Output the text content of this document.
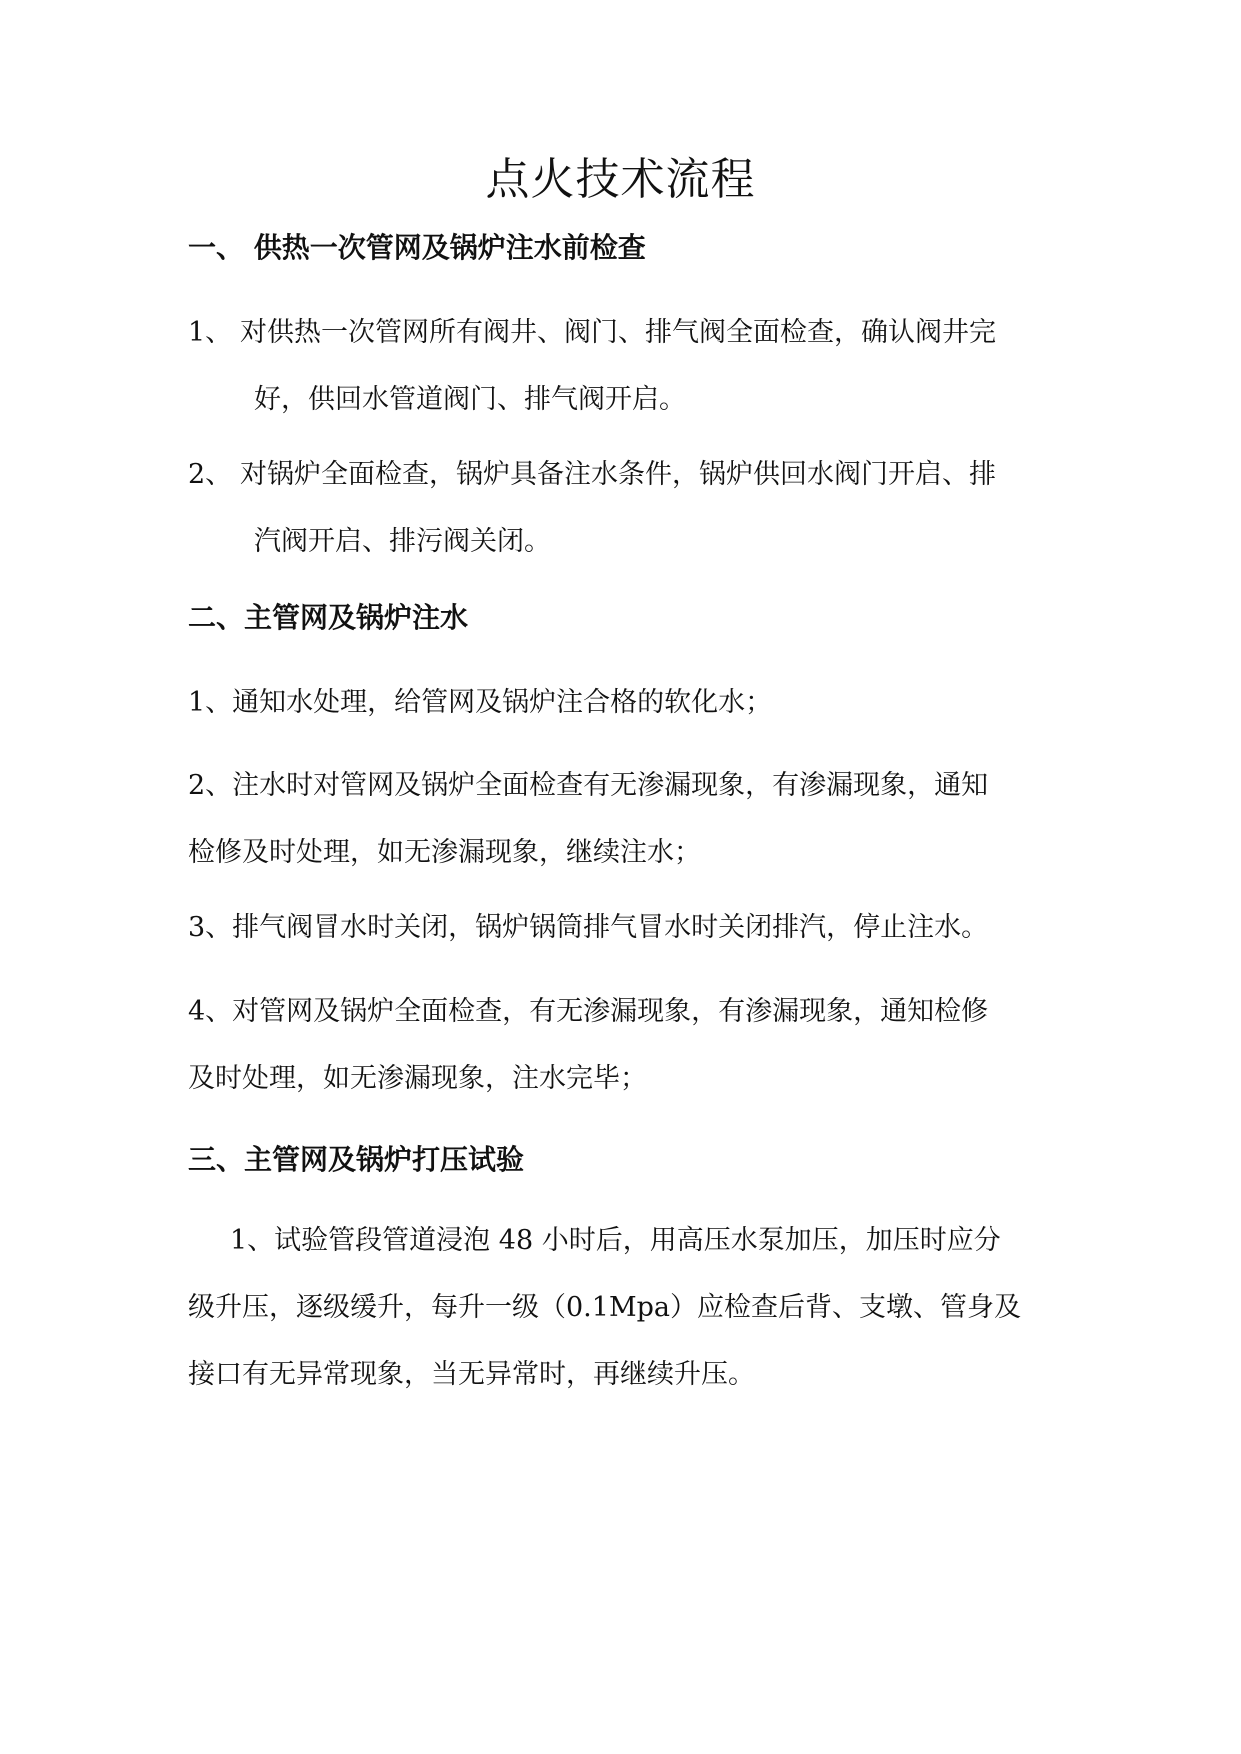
点火技术流程
一、 供热一次管网及锅炉注水前检查
1、 对供热一次管网所有阀井、阀门、排气阀全面检查，确认阀井完
好，供回水管道阀门、排气阀开启。
2、 对锅炉全面检查，锅炉具备注水条件，锅炉供回水阀门开启、排
汽阀开启、排污阀关闭。
二、主管网及锅炉注水
1、通知水处理，给管网及锅炉注合格的软化水；
2、注水时对管网及锅炉全面检查有无渗漏现象，有渗漏现象，通知
检修及时处理，如无渗漏现象，继续注水；
3、排气阀冒水时关闭，锅炉锅筒排气冒水时关闭排汽，停止注水。
4、对管网及锅炉全面检查，有无渗漏现象，有渗漏现象，通知检修
及时处理，如无渗漏现象，注水完毕；
三、主管网及锅炉打压试验
1、试验管段管道浸泡 48 小时后，用高压水泵加压，加压时应分
级升压，逐级缓升，每升一级（0.1Mpa）应检查后背、支墩、管身及
接口有无异常现象，当无异常时，再继续升压。
